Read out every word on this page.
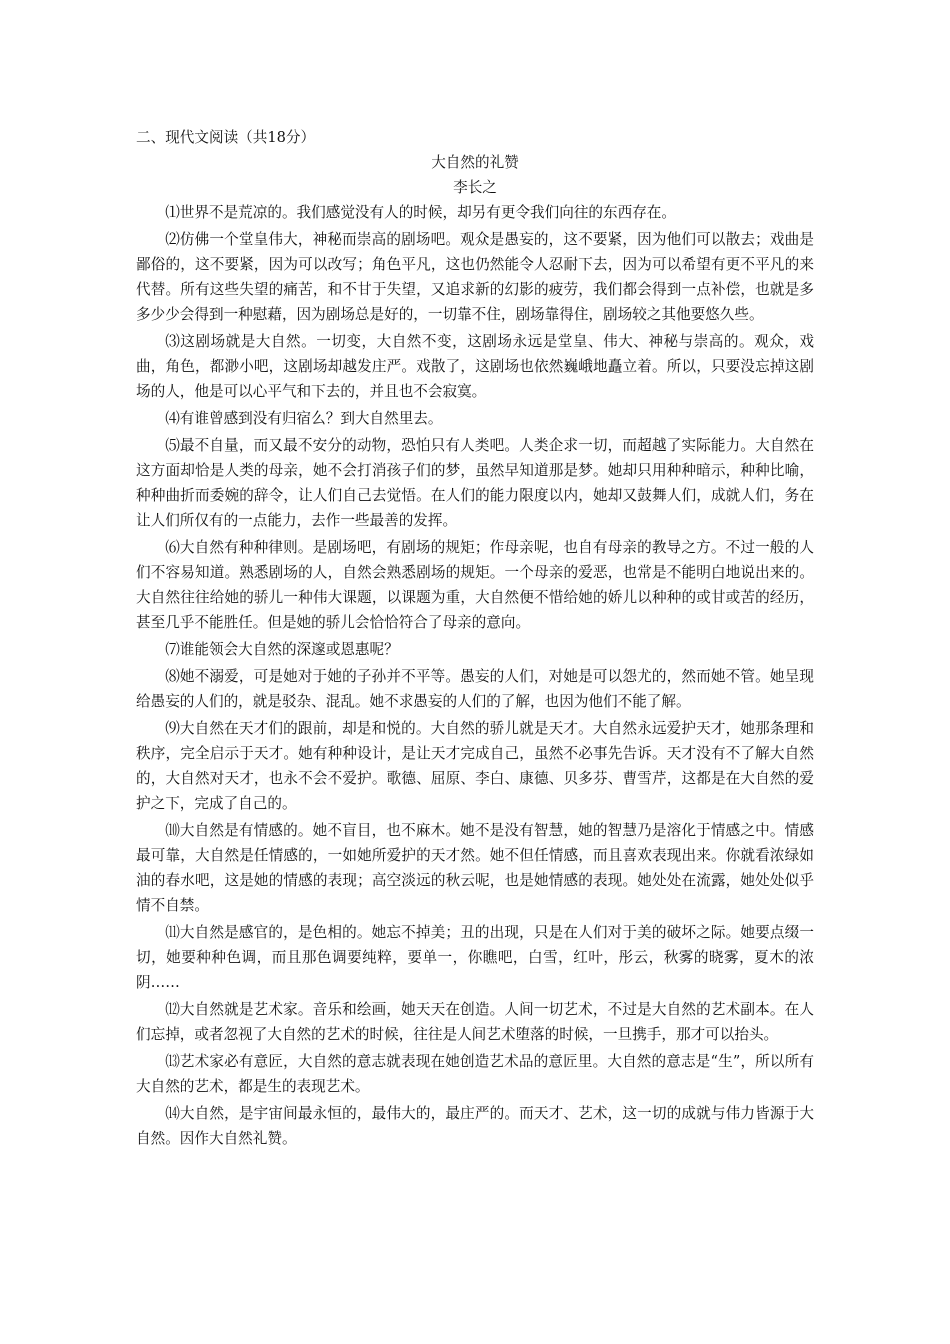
二、现代文阅读（共18分）

大自然的礼赞

李长之

⑴世界不是荒凉的。我们感觉没有人的时候，却另有更令我们向往的东西存在。

⑵仿佛一个堂皇伟大，神秘而崇高的剧场吧。观众是愚妄的，这不要紧，因为他们可以散去；戏曲是鄙俗的，这不要紧，因为可以改写；角色平凡，这也仍然能令人忍耐下去，因为可以希望有更不平凡的来代替。所有这些失望的痛苦，和不甘于失望，又追求新的幻影的疲劳，我们都会得到一点补偿，也就是多多少少会得到一种慰藉，因为剧场总是好的，一切靠不住，剧场靠得住，剧场较之其他要悠久些。

⑶这剧场就是大自然。一切变，大自然不变，这剧场永远是堂皇、伟大、神秘与崇高的。观众，戏曲，角色，都渺小吧，这剧场却越发庄严。戏散了，这剧场也依然巍峨地矗立着。所以，只要没忘掉这剧场的人，他是可以心平气和下去的，并且也不会寂寞。

⑷有谁曾感到没有归宿么？到大自然里去。

⑸最不自量，而又最不安分的动物，恐怕只有人类吧。人类企求一切，而超越了实际能力。大自然在这方面却恰是人类的母亲，她不会打消孩子们的梦，虽然早知道那是梦。她却只用种种暗示，种种比喻，种种曲折而委婉的辞令，让人们自己去觉悟。在人们的能力限度以内，她却又鼓舞人们，成就人们，务在让人们所仅有的一点能力，去作一些最善的发挥。

⑹大自然有种种律则。是剧场吧，有剧场的规矩；作母亲呢，也自有母亲的教导之方。不过一般的人们不容易知道。熟悉剧场的人，自然会熟悉剧场的规矩。一个母亲的爱恶，也常是不能明白地说出来的。大自然往往给她的骄儿一种伟大课题，以课题为重，大自然便不惜给她的娇儿以种种的或甘或苦的经历，甚至几乎不能胜任。但是她的骄儿会恰恰符合了母亲的意向。

⑺谁能领会大自然的深邃或恩惠呢？

⑻她不溺爱，可是她对于她的子孙并不平等。愚妄的人们，对她是可以怨尤的，然而她不管。她呈现给愚妄的人们的，就是驳杂、混乱。她不求愚妄的人们的了解，也因为他们不能了解。

⑼大自然在天才们的跟前，却是和悦的。大自然的骄儿就是天才。大自然永远爱护天才，她那条理和秩序，完全启示于天才。她有种种设计，是让天才完成自己，虽然不必事先告诉。天才没有不了解大自然的，大自然对天才，也永不会不爱护。歌德、屈原、李白、康德、贝多芬、曹雪芹，这都是在大自然的爱护之下，完成了自己的。

⑽大自然是有情感的。她不盲目，也不麻木。她不是没有智慧，她的智慧乃是溶化于情感之中。情感最可靠，大自然是任情感的，一如她所爱护的天才然。她不但任情感，而且喜欢表现出来。你就看浓绿如油的春水吧，这是她的情感的表现；高空淡远的秋云呢，也是她情感的表现。她处处在流露，她处处似乎情不自禁。

⑾大自然是感官的，是色相的。她忘不掉美；丑的出现，只是在人们对于美的破坏之际。她要点缀一切，她要种种色调，而且那色调要纯粹，要单一，你瞧吧，白雪，红叶，彤云，秋雾的晓雾，夏木的浓阴……

⑿大自然就是艺术家。音乐和绘画，她天天在创造。人间一切艺术，不过是大自然的艺术副本。在人们忘掉，或者忽视了大自然的艺术的时候，往往是人间艺术堕落的时候，一旦携手，那才可以抬头。

⒀艺术家必有意匠，大自然的意志就表现在她创造艺术品的意匠里。大自然的意志是“生”，所以所有大自然的艺术，都是生的表现艺术。

⒁大自然，是宇宙间最永恒的，最伟大的，最庄严的。而天才、艺术，这一切的成就与伟力皆源于大自然。因作大自然礼赞。
